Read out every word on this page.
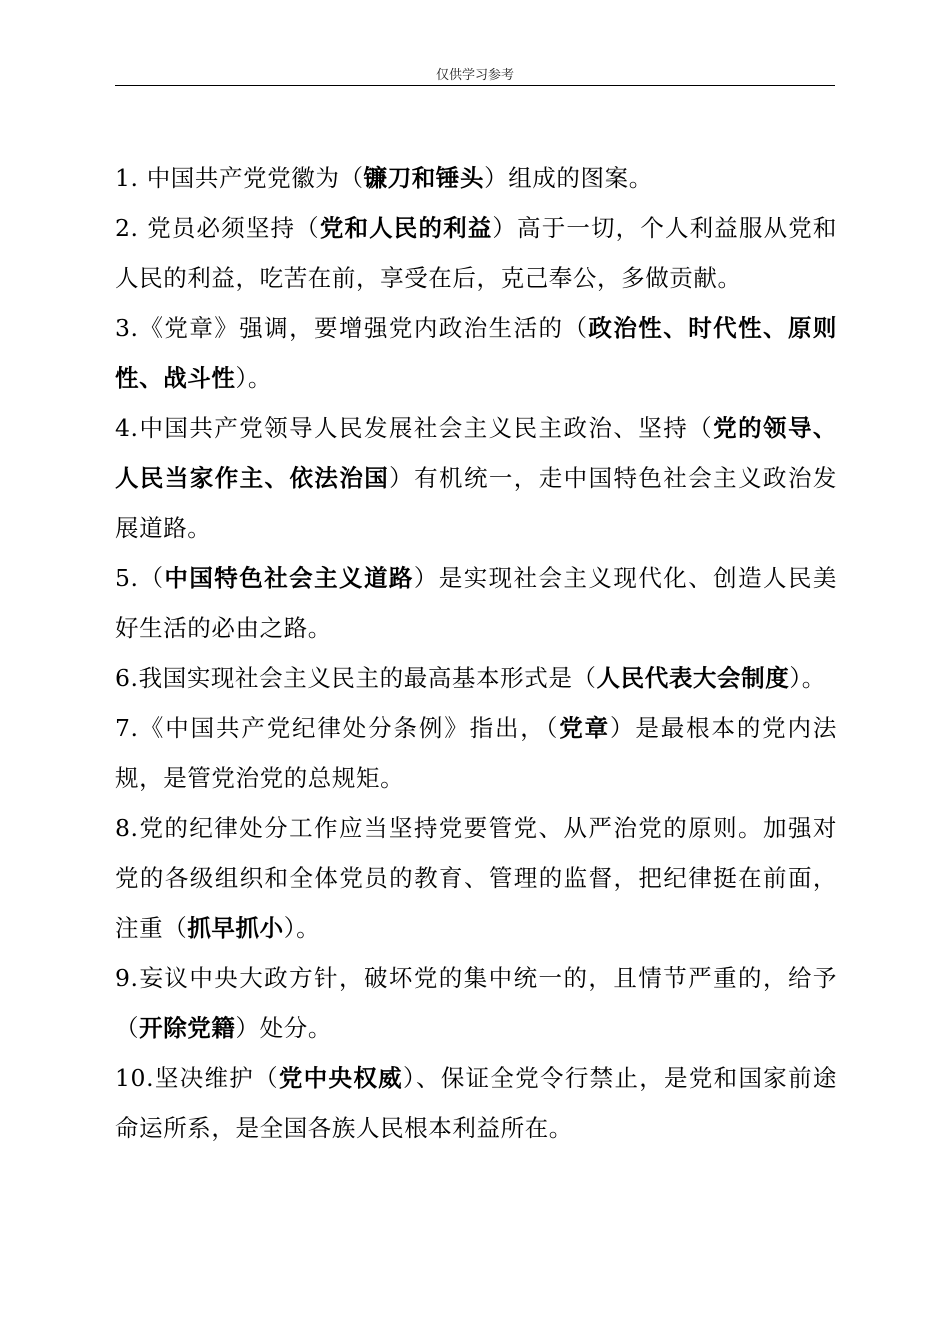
仅供学习参考

1. 中国共产党党徽为（镰刀和锤头）组成的图案。

2. 党员必须坚持（党和人民的利益）高于一切，个人利益服从党和人民的利益，吃苦在前，享受在后，克己奉公，多做贡献。

3.《党章》强调，要增强党内政治生活的（政治性、时代性、原则性、战斗性）。

4.中国共产党领导人民发展社会主义民主政治、坚持（党的领导、人民当家作主、依法治国）有机统一，走中国特色社会主义政治发展道路。

5.（中国特色社会主义道路）是实现社会主义现代化、创造人民美好生活的必由之路。

6.我国实现社会主义民主的最高基本形式是（人民代表大会制度）。

7.《中国共产党纪律处分条例》指出，（党章）是最根本的党内法规，是管党治党的总规矩。

8.党的纪律处分工作应当坚持党要管党、从严治党的原则。加强对党的各级组织和全体党员的教育、管理的监督，把纪律挺在前面，注重（抓早抓小）。

9.妄议中央大政方针，破坏党的集中统一的，且情节严重的，给予（开除党籍）处分。

10.坚决维护（党中央权威）、保证全党令行禁止，是党和国家前途命运所系，是全国各族人民根本利益所在。
